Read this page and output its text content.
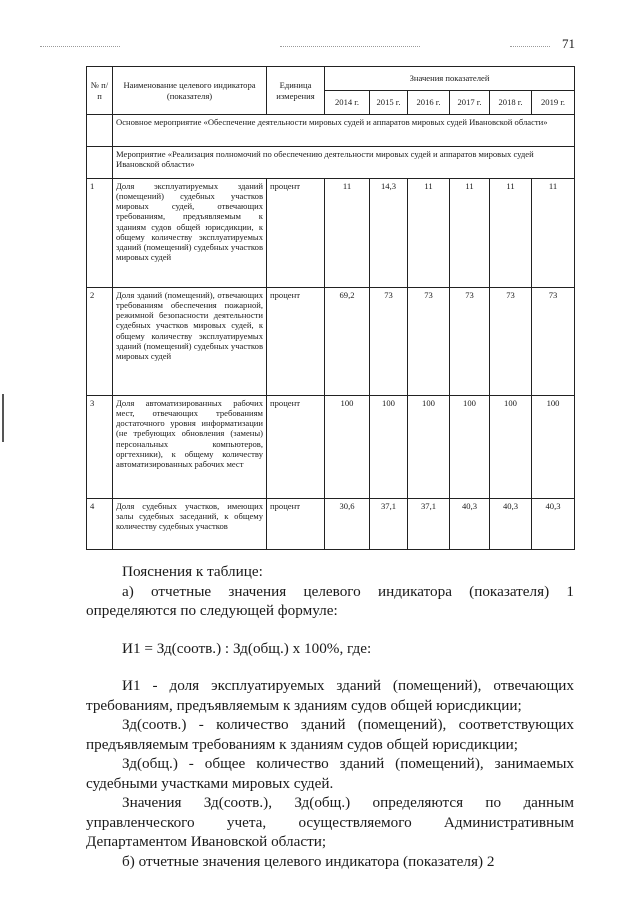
71
№ п/п	Наименование целевого индикатора (показателя)	Единица измерения	Значения показателей					
			2014 г.	2015 г.	2016 г.	2017 г.	2018 г.	2019 г.
	Основное мероприятие «Обеспечение деятельности мировых судей и аппаратов мировых судей Ивановской области»							
	Мероприятие «Реализация полномочий по обеспечению деятельности мировых судей и аппаратов мировых судей Ивановской области»							
1	Доля эксплуатируемых зданий (помещений) судебных участков мировых судей, отвечающих требованиям, предъявляемым к зданиям судов общей юрисдикции, к общему количеству эксплуатируемых зданий (помещений) судебных участков мировых судей	процент	11	14,3	11	11	11	11
2	Доля зданий (помещений), отвечающих требованиям обеспечения пожарной, режимной безопасности деятельности судебных участков мировых судей, к общему количеству эксплуатируемых зданий (помещений) судебных участков мировых судей	процент	69,2	73	73	73	73	73
3	Доля автоматизированных рабочих мест, отвечающих требованиям достаточного уровня информатизации (не требующих обновления (замены) персональных компьютеров, оргтехники), к общему количеству автоматизированных рабочих мест	процент	100	100	100	100	100	100
4	Доля судебных участков, имеющих залы судебных заседаний, к общему количеству судебных участков	процент	30,6	37,1	37,1	40,3	40,3	40,3

Пояснения к таблице:

а) отчетные значения целевого индикатора (показателя) 1 определяются по следующей формуле:

И1 = Зд(соотв.) : Зд(общ.) х 100%, где:

И1 - доля эксплуатируемых зданий (помещений), отвечающих требованиям, предъявляемым к зданиям судов общей юрисдикции;

Зд(соотв.) - количество зданий (помещений), соответствующих предъявляемым требованиям к зданиям судов общей юрисдикции;

Зд(общ.) - общее количество зданий (помещений), занимаемых судебными участками мировых судей.

Значения Зд(соотв.), Зд(общ.) определяются по данным управленческого учета, осуществляемого Административным Департаментом Ивановской области;

б) отчетные значения целевого индикатора (показателя) 2
